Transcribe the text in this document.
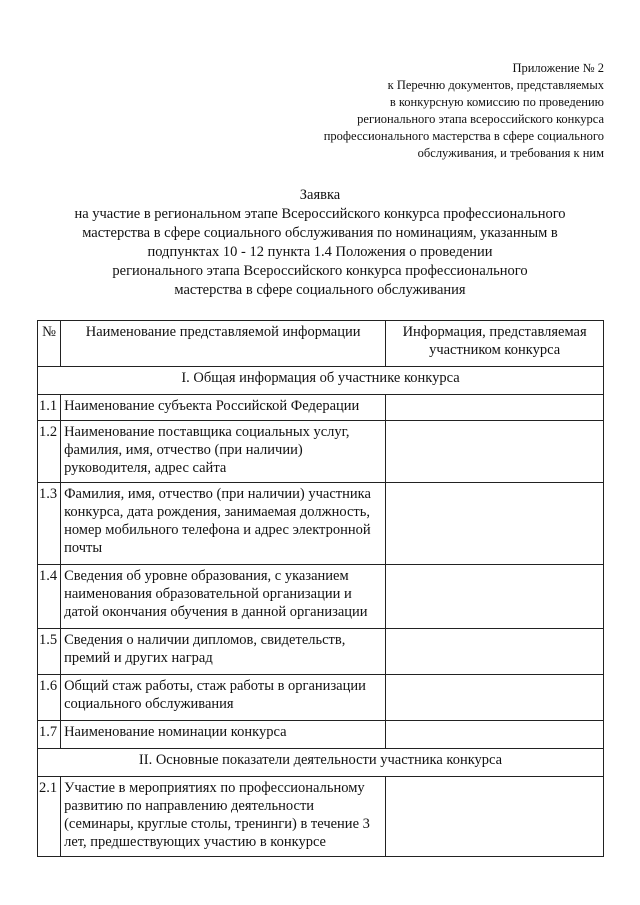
Приложение № 2
к Перечню документов, представляемых
в конкурсную комиссию по проведению
регионального этапа всероссийского конкурса
профессионального мастерства в сфере социального
обслуживания, и требования к ним
Заявка
на участие в региональном этапе Всероссийского конкурса профессионального
мастерства в сфере социального обслуживания по номинациям, указанным в
подпунктах 10 - 12 пункта 1.4 Положения о проведении
регионального этапа Всероссийского конкурса профессионального
мастерства в сфере социального обслуживания
№	Наименование представляемой информации	Информация, представляемая участником конкурса
I. Общая информация об участнике конкурса		
1.1	Наименование субъекта Российской Федерации	
1.2	Наименование поставщика социальных услуг, фамилия, имя, отчество (при наличии) руководителя, адрес сайта	
1.3	Фамилия, имя, отчество (при наличии) участника конкурса, дата рождения, занимаемая должность, номер мобильного телефона и адрес электронной почты	
1.4	Сведения об уровне образования, с указанием наименования образовательной организации и датой окончания обучения в данной организации	
1.5	Сведения о наличии дипломов, свидетельств, премий и других наград	
1.6	Общий стаж работы, стаж работы в организации социального обслуживания	
1.7	Наименование номинации конкурса	
II. Основные показатели деятельности участника конкурса		
2.1	Участие в мероприятиях по профессиональному развитию по направлению деятельности (семинары, круглые столы, тренинги) в течение 3 лет, предшествующих участию в конкурсе	
